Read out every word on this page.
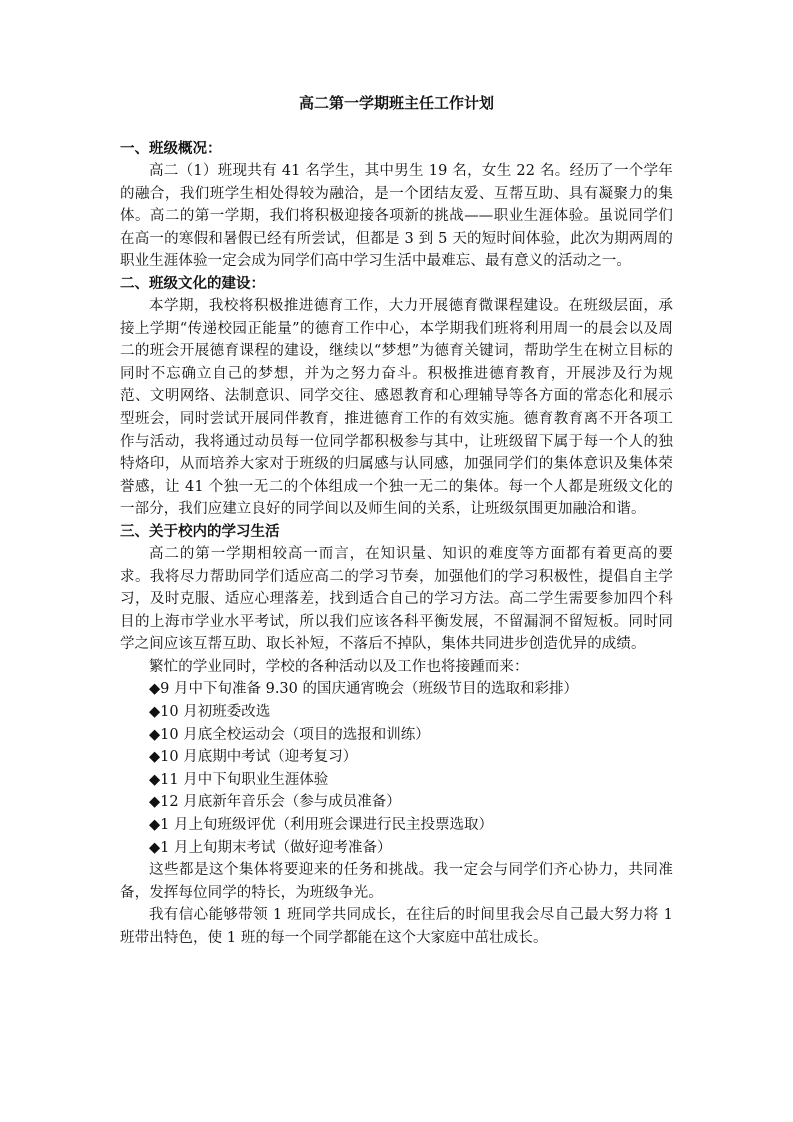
高二第一学期班主任工作计划
一、班级概况：

高二（1）班现共有 41 名学生，其中男生 19 名，女生 22 名。经历了一个学年的融合，我们班学生相处得较为融洽，是一个团结友爱、互帮互助、具有凝聚力的集体。高二的第一学期，我们将积极迎接各项新的挑战——职业生涯体验。虽说同学们在高一的寒假和暑假已经有所尝试，但都是 3 到 5 天的短时间体验，此次为期两周的职业生涯体验一定会成为同学们高中学习生活中最难忘、最有意义的活动之一。

二、班级文化的建设：

本学期，我校将积极推进德育工作，大力开展德育微课程建设。在班级层面，承接上学期“传递校园正能量”的德育工作中心，本学期我们班将利用周一的晨会以及周二的班会开展德育课程的建设，继续以“梦想”为德育关键词，帮助学生在树立目标的同时不忘确立自己的梦想，并为之努力奋斗。积极推进德育教育，开展涉及行为规范、文明网络、法制意识、同学交往、感恩教育和心理辅导等各方面的常态化和展示型班会，同时尝试开展同伴教育，推进德育工作的有效实施。德育教育离不开各项工作与活动，我将通过动员每一位同学都积极参与其中，让班级留下属于每一个人的独特烙印，从而培养大家对于班级的归属感与认同感，加强同学们的集体意识及集体荣誉感，让 41 个独一无二的个体组成一个独一无二的集体。每一个人都是班级文化的一部分，我们应建立良好的同学间以及师生间的关系，让班级氛围更加融洽和谐。

三、关于校内的学习生活

高二的第一学期相较高一而言，在知识量、知识的难度等方面都有着更高的要求。我将尽力帮助同学们适应高二的学习节奏，加强他们的学习积极性，提倡自主学习，及时克服、适应心理落差，找到适合自己的学习方法。高二学生需要参加四个科目的上海市学业水平考试，所以我们应该各科平衡发展，不留漏洞不留短板。同时同学之间应该互帮互助、取长补短，不落后不掉队，集体共同进步创造优异的成绩。

繁忙的学业同时，学校的各种活动以及工作也将接踵而来：

◆9 月中下旬准备 9.30 的国庆通宵晚会（班级节目的选取和彩排）
◆10 月初班委改选
◆10 月底全校运动会（项目的选报和训练）
◆10 月底期中考试（迎考复习）
◆11 月中下旬职业生涯体验
◆12 月底新年音乐会（参与成员准备）
◆1 月上旬班级评优（利用班会课进行民主投票选取）
◆1 月上旬期末考试（做好迎考准备）

这些都是这个集体将要迎来的任务和挑战。我一定会与同学们齐心协力，共同准备，发挥每位同学的特长，为班级争光。

我有信心能够带领 1 班同学共同成长，在往后的时间里我会尽自己最大努力将 1 班带出特色，使 1 班的每一个同学都能在这个大家庭中茁壮成长。
